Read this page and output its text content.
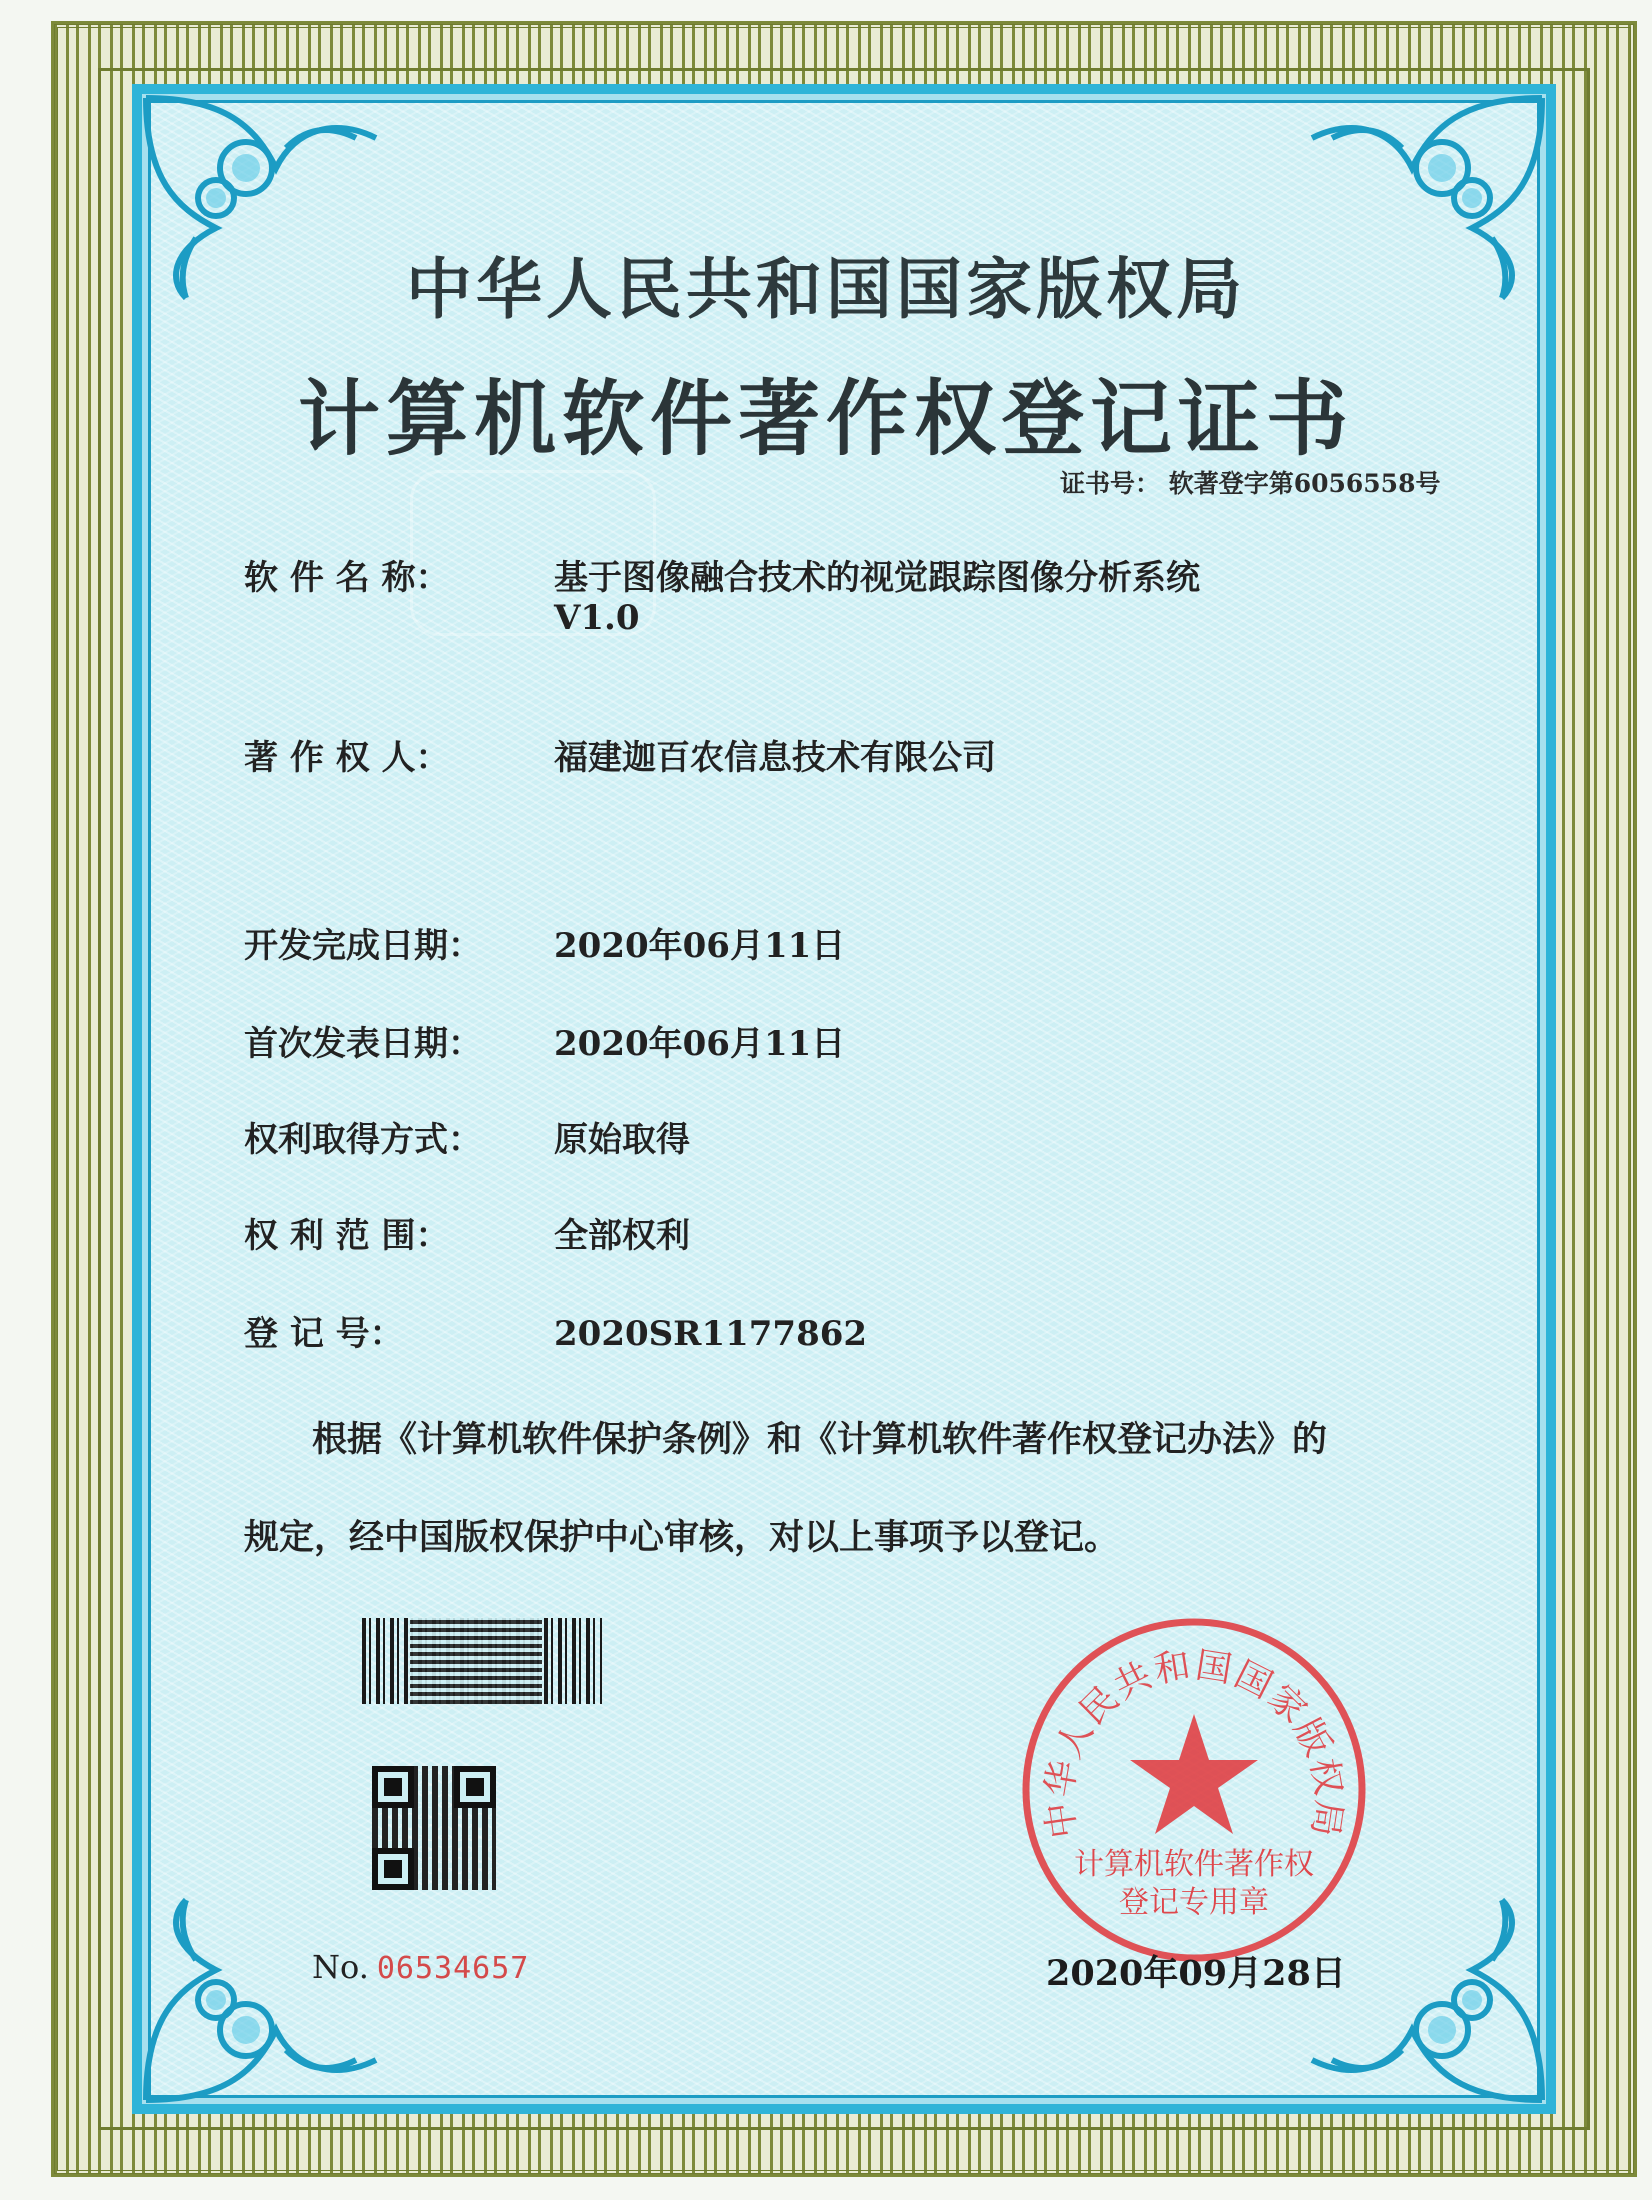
中华人民共和国国家版权局
计算机软件著作权登记证书
证书号： 软著登字第6056558号
软 件 名 称：	基于图像融合技术的视觉跟踪图像分析系统
V1.0
著 作 权 人：	福建迦百农信息技术有限公司
开发完成日期： 2020年06月11日
首次发表日期： 2020年06月11日
权利取得方式： 原始取得
权 利 范 围：	全部权利
登 记 号：	2020SR1177862
根据《计算机软件保护条例》和《计算机软件著作权登记办法》的
规定，经中国版权保护中心审核，对以上事项予以登记。
No. 06534657
中华人民共和国国家版权局
计算机软件著作权
登记专用章
2020年09月28日
